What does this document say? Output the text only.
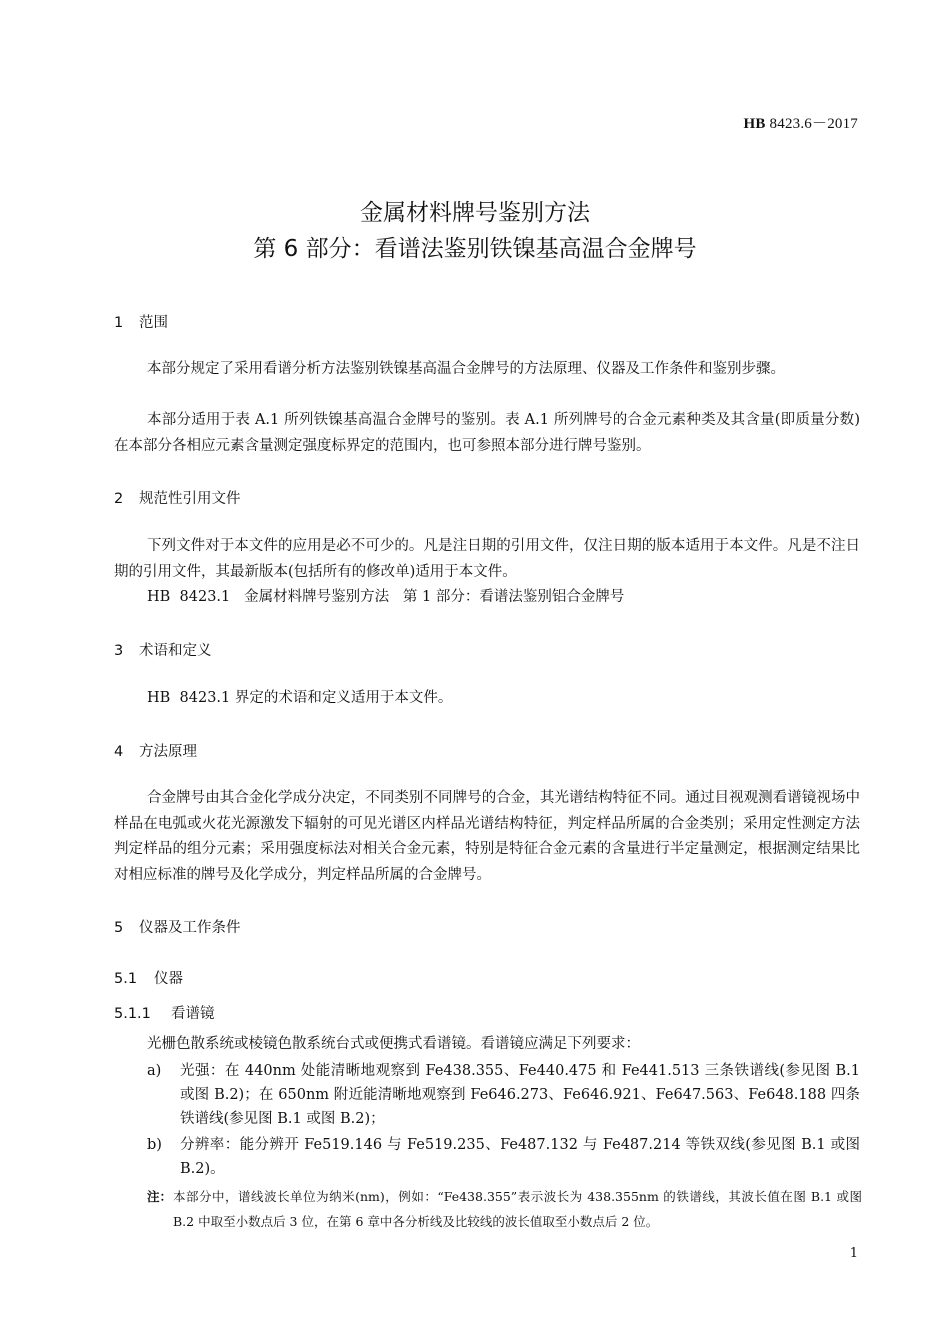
HB 8423.6－2017
金属材料牌号鉴别方法
第 6 部分：看谱法鉴别铁镍基高温合金牌号
1 范围
本部分规定了采用看谱分析方法鉴别铁镍基高温合金牌号的方法原理、仪器及工作条件和鉴别步骤。
本部分适用于表 A.1 所列铁镍基高温合金牌号的鉴别。表 A.1 所列牌号的合金元素种类及其含量(即质量分数)在本部分各相应元素含量测定强度标界定的范围内，也可参照本部分进行牌号鉴别。
2 规范性引用文件
下列文件对于本文件的应用是必不可少的。凡是注日期的引用文件，仅注日期的版本适用于本文件。凡是不注日期的引用文件，其最新版本(包括所有的修改单)适用于本文件。
HB  8423.1   金属材料牌号鉴别方法   第 1 部分：看谱法鉴别铝合金牌号
3 术语和定义
HB  8423.1 界定的术语和定义适用于本文件。
4 方法原理
合金牌号由其合金化学成分决定，不同类别不同牌号的合金，其光谱结构特征不同。通过目视观测看谱镜视场中样品在电弧或火花光源激发下辐射的可见光谱区内样品光谱结构特征，判定样品所属的合金类别；采用定性测定方法判定样品的组分元素；采用强度标法对相关合金元素，特别是特征合金元素的含量进行半定量测定，根据测定结果比对相应标准的牌号及化学成分，判定样品所属的合金牌号。
5 仪器及工作条件
5.1 仪器
5.1.1 看谱镜
光栅色散系统或棱镜色散系统台式或便携式看谱镜。看谱镜应满足下列要求：
a) 光强：在 440nm 处能清晰地观察到 Fe438.355、Fe440.475 和 Fe441.513 三条铁谱线(参见图 B.1 或图 B.2)；在 650nm 附近能清晰地观察到 Fe646.273、Fe646.921、Fe647.563、Fe648.188 四条铁谱线(参见图 B.1 或图 B.2)；
b) 分辨率：能分辨开 Fe519.146 与 Fe519.235、Fe487.132 与 Fe487.214 等铁双线(参见图 B.1 或图 B.2)。
注： 本部分中，谱线波长单位为纳米(nm)，例如：“Fe438.355”表示波长为 438.355nm 的铁谱线，其波长值在图 B.1 或图 B.2 中取至小数点后 3 位，在第 6 章中各分析线及比较线的波长值取至小数点后 2 位。
1
